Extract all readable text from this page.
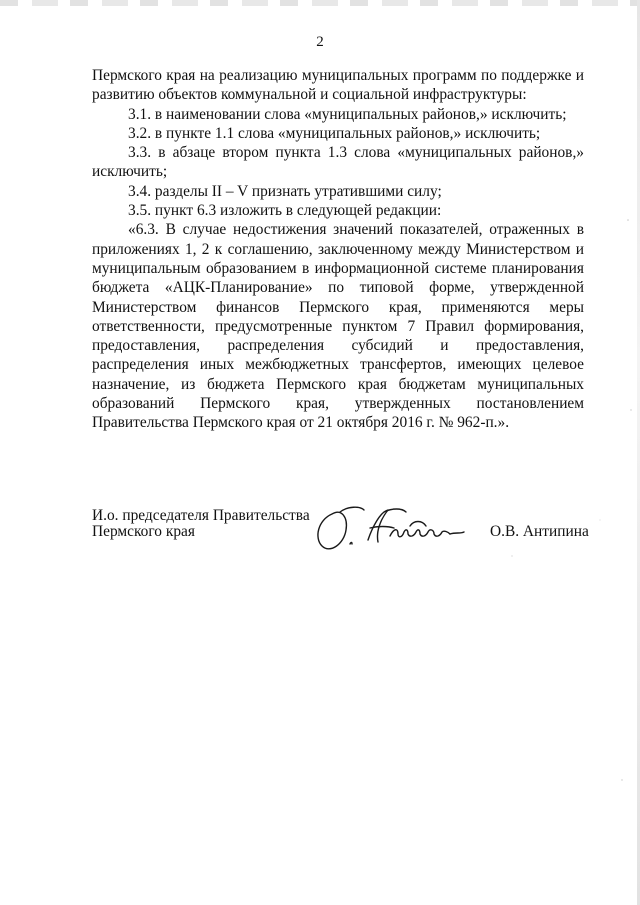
2

Пермского края на реализацию муниципальных программ по поддержке и развитию объектов коммунальной и социальной инфраструктуры:

3.1. в наименовании слова «муниципальных районов,» исключить;

3.2. в пункте 1.1 слова «муниципальных районов,» исключить;

3.3. в абзаце втором пункта 1.3 слова «муниципальных районов,» исключить;

3.4. разделы II – V признать утратившими силу;

3.5. пункт 6.3 изложить в следующей редакции:

«6.3. В случае недостижения значений показателей, отраженных в приложениях 1, 2 к соглашению, заключенному между Министерством и муниципальным образованием в информационной системе планирования бюджета «АЦК-Планирование» по типовой форме, утвержденной Министерством финансов Пермского края, применяются меры ответственности, предусмотренные пунктом 7 Правил формирования, предоставления, распределения субсидий и предоставления, распределения иных межбюджетных трансфертов, имеющих целевое назначение, из бюджета Пермского края бюджетам муниципальных образований Пермского края, утвержденных постановлением Правительства Пермского края от 21 октября 2016 г. № 962-п.».

И.о. председателя Правительства
Пермского края	О.В. Антипина
